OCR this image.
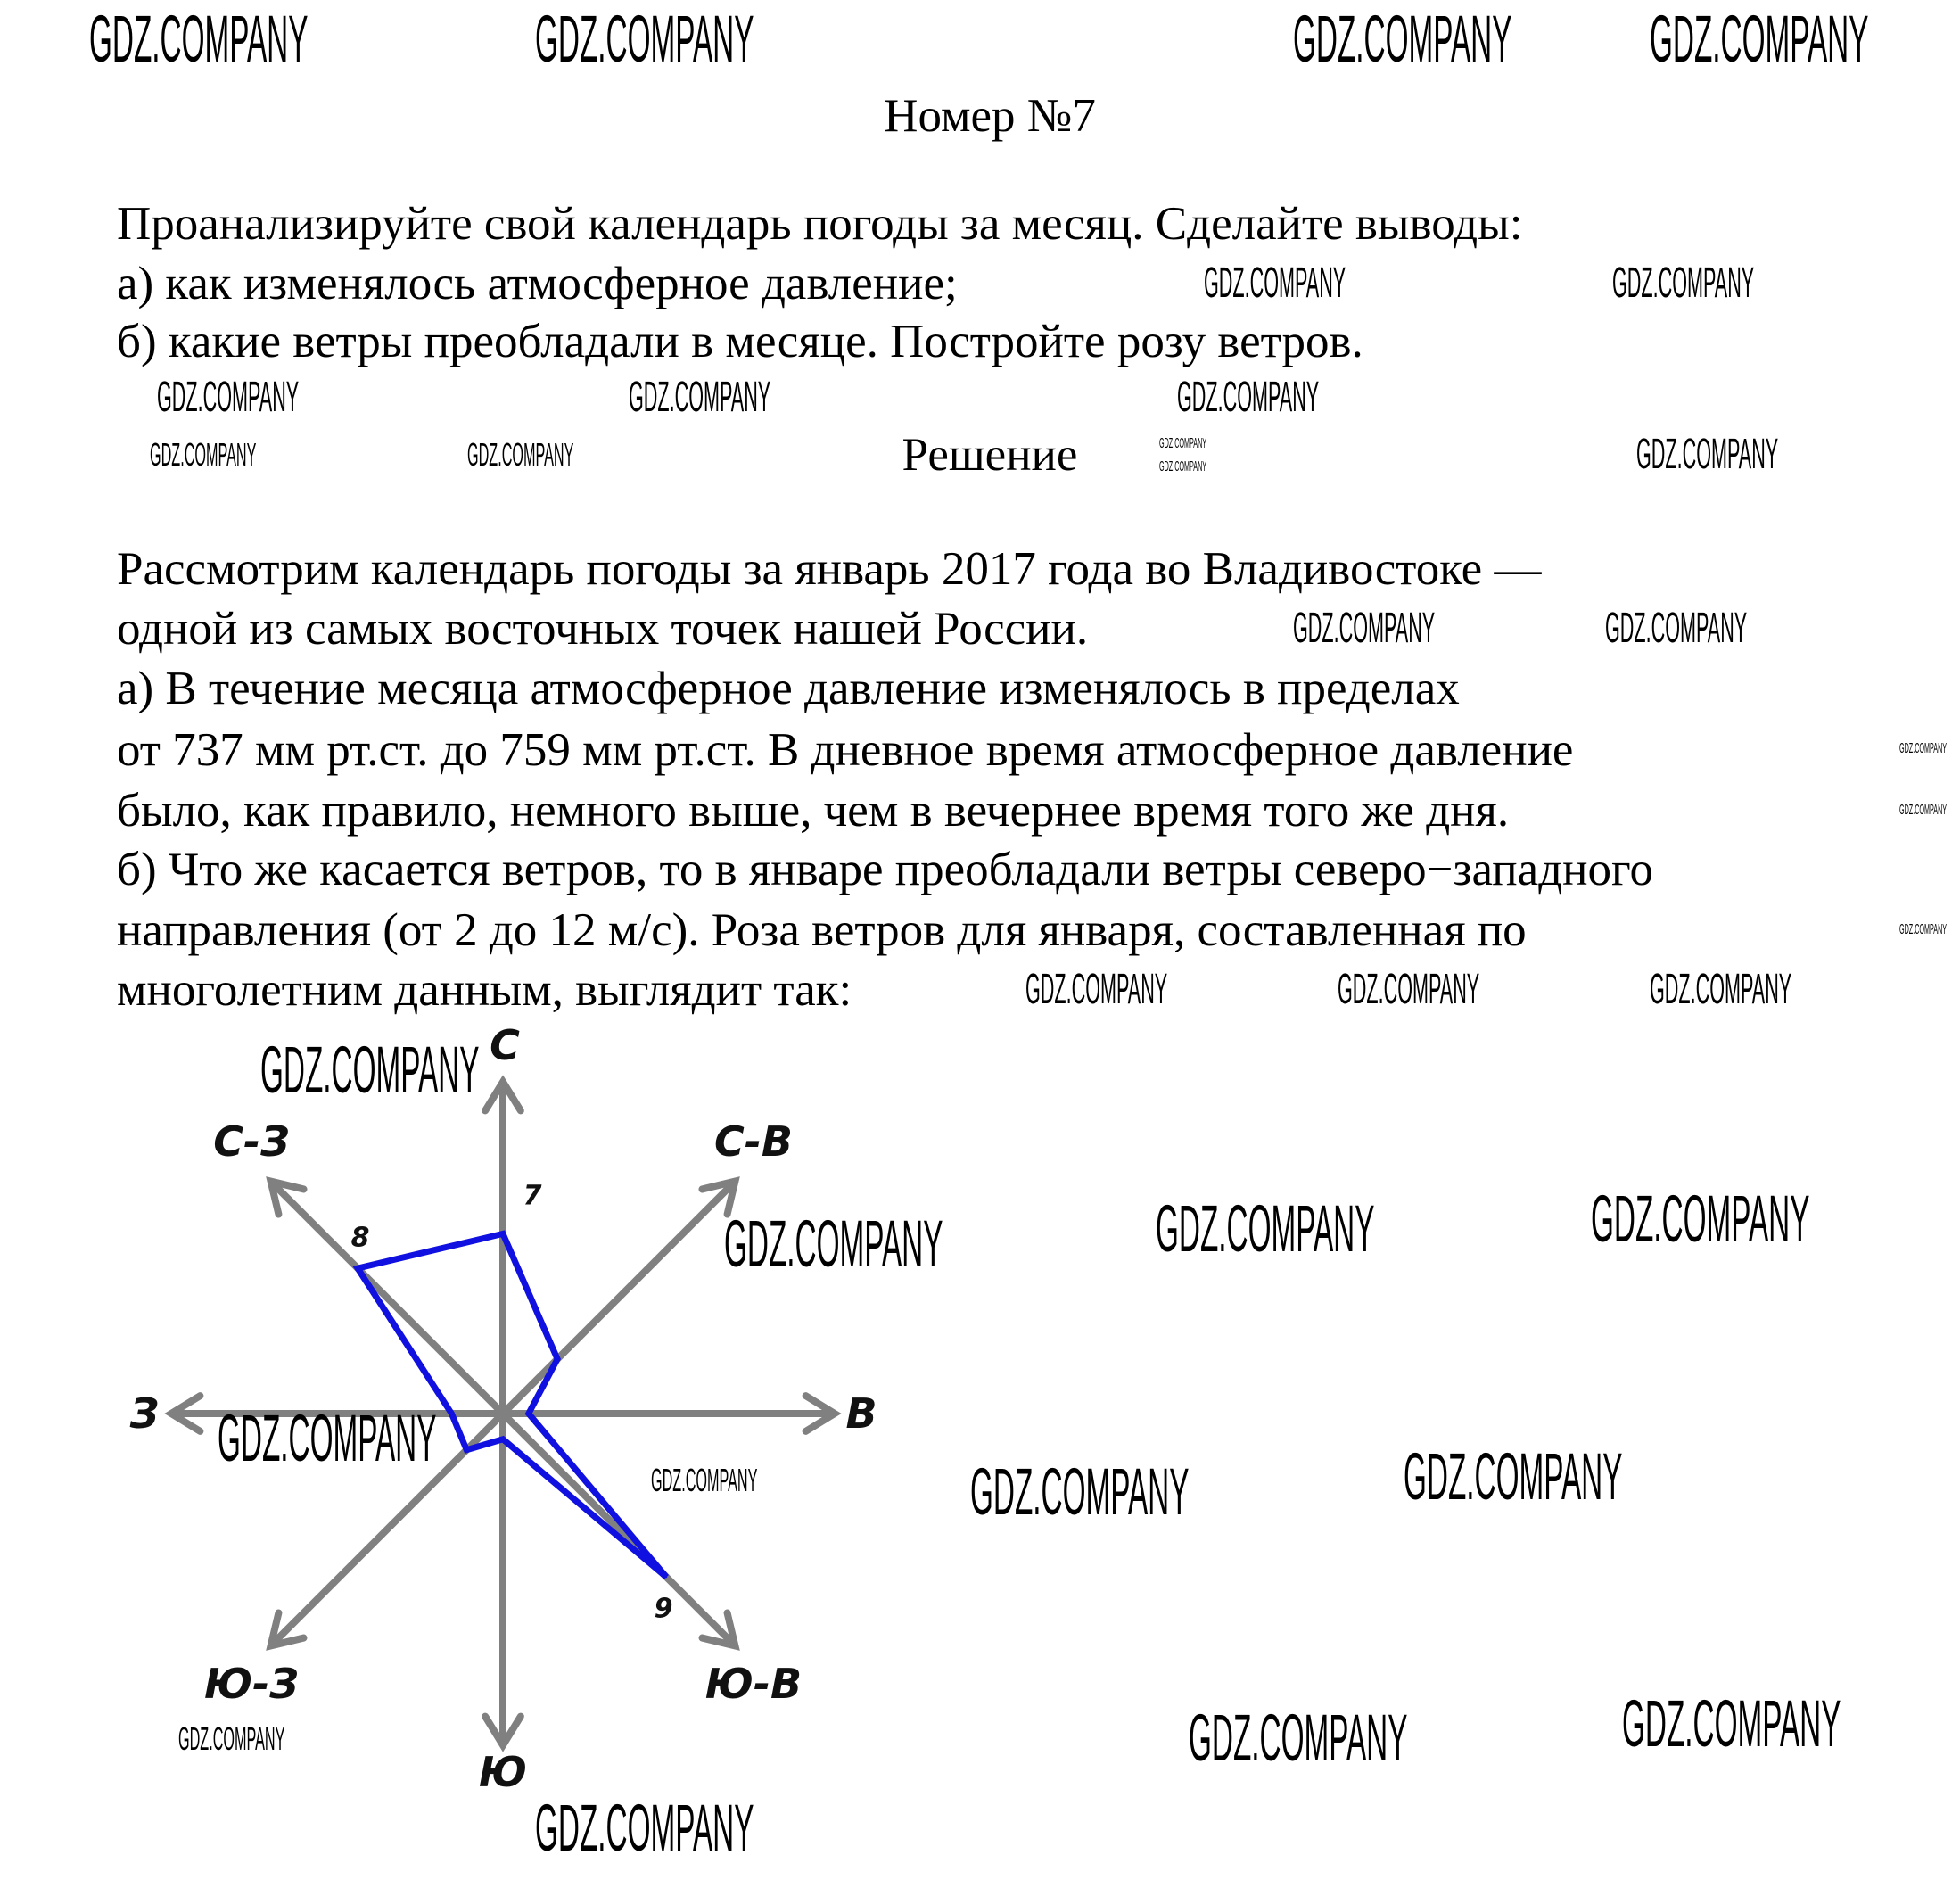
Номер №7
Проанализируйте свой календарь погоды за месяц. Сделайте выводы:
а) как изменялось атмосферное давление;
б) какие ветры преобладали в месяце. Постройте розу ветров.
Решение
Рассмотрим календарь погоды за январь 2017 года во Владивостоке —
одной из самых восточных точек нашей России.
а) В течение месяца атмосферное давление изменялось в пределах
от 737 мм рт.ст. до 759 мм рт.ст. В дневное время атмосферное давление
было, как правило, немного выше, чем в вечернее время того же дня.
б) Что же касается ветров, то в январе преобладали ветры северо−западного
направления (от 2 до 12 м/с). Роза ветров для января, составленная по
многолетним данным, выглядит так:
С
С-В
В
Ю-В
Ю
Ю-З
З
С-З
7
8
9
GDZ.COMPANY	GDZ.COMPANY	GDZ.COMPANY GDZ.COMPANY
GDZ.COMPANY	GDZ.COMPANY
GDZ.COMPANY	GDZ.COMPANY	GDZ.COMPANY
GDZ.COMPANY	GDZ.COMPANY	GDZ.COMPANY
GDZ.COMPANY	GDZ.COMPANY
GDZ.COMPANY	GDZ.COMPANY
GDZ.COMPANY	GDZ.COMPANY	GDZ.COMPANY
GDZ.COMPANY
GDZ.COMPANY
GDZ.COMPANY
GDZ.COMPANY
GDZ.COMPANY
GDZ.COMPANY
GDZ.COMPANY
GDZ.COMPANY
GDZ.COMPANY
GDZ.COMPANY	GDZ.COMPANY
GDZ.COMPANY
GDZ.COMPANY
GDZ.COMPANY	GDZ.COMPANY
